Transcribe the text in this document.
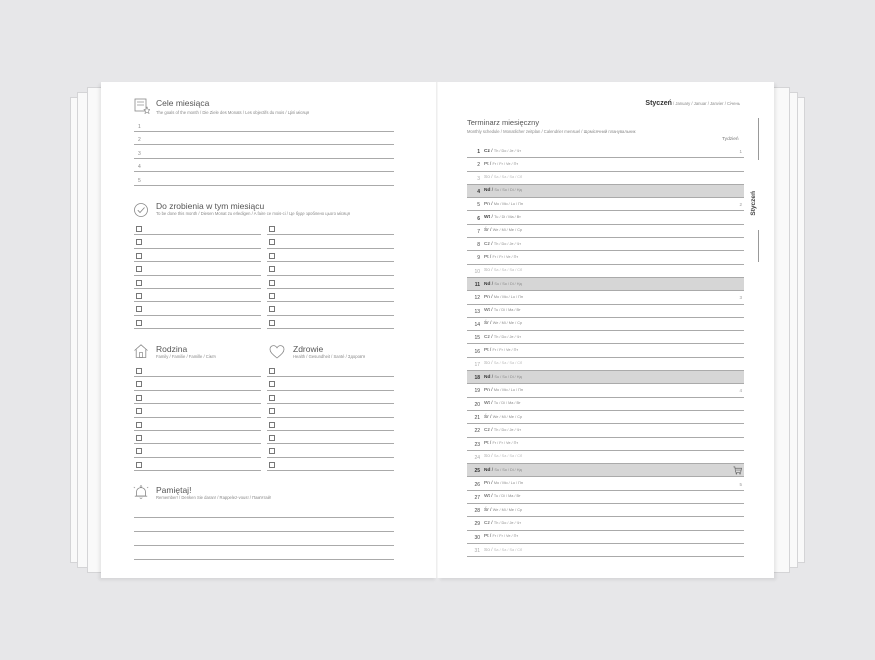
Cele miesiąca
The goals of the month / Die Ziele des Monats / Les objectifs du mois / Цілі місяця
1
2
3
4
5
Do zrobienia w tym miesiącu
To be done this month / Diesen Monat zu erledigen / A faire ce mois-ci / Це буде зроблено цього місяця
Rodzina
Family / Familie / Famille / Сім'я
Zdrowie
Health / Gesundheit / Santé / Здоров'я
Pamiętaj!
Remember! / Denken Sie daran! / Rappelez-vous! / Пам'ятай!
Styczeń / January / Januar / Janvier / Січень
Terminarz miesięczny
Monthly schedule / Monatlicher zeitplan / Calendrier mensuel / Щомісячний планувальник
Tydzień
1 Cz / Th / Do / Je / Чт	1
2 Pt / Fr / Fr / Ve / Пт
3 So / Sa / Sa / Sa / Сб
4 Nd / Su / So / Di / Нд
5 Pn / Mo / Mo / Lu / Пн	2
6 Wt / Tu / Di / Ma / Вт
7 Śr / We / Mi / Me / Ср
8 Cz / Th / Do / Je / Чт
9 Pt / Fr / Fr / Ve / Пт
10 So / Sa / Sa / Sa / Сб
11 Nd / Su / So / Di / Нд
12 Pn / Mo / Mo / Lu / Пн	3
13 Wt / Tu / Di / Ma / Вт
14 Śr / We / Mi / Me / Ср
15 Cz / Th / Do / Je / Чт
16 Pt / Fr / Fr / Ve / Пт
17 So / Sa / Sa / Sa / Сб
18 Nd / Su / So / Di / Нд
19 Pn / Mo / Mo / Lu / Пн	4
20 Wt / Tu / Di / Ma / Вт
21 Śr / We / Mi / Me / Ср
22 Cz / Th / Do / Je / Чт
23 Pt / Fr / Fr / Ve / Пт
24 So / Sa / Sa / Sa / Сб
25 Nd / Su / So / Di / Нд
26 Pn / Mo / Mo / Lu / Пн	5
27 Wt / Tu / Di / Ma / Вт
28 Śr / We / Mi / Me / Ср
29 Cz / Th / Do / Je / Чт
30 Pt / Fr / Fr / Ve / Пт
31 So / Sa / Sa / Sa / Сб
Styczeń
